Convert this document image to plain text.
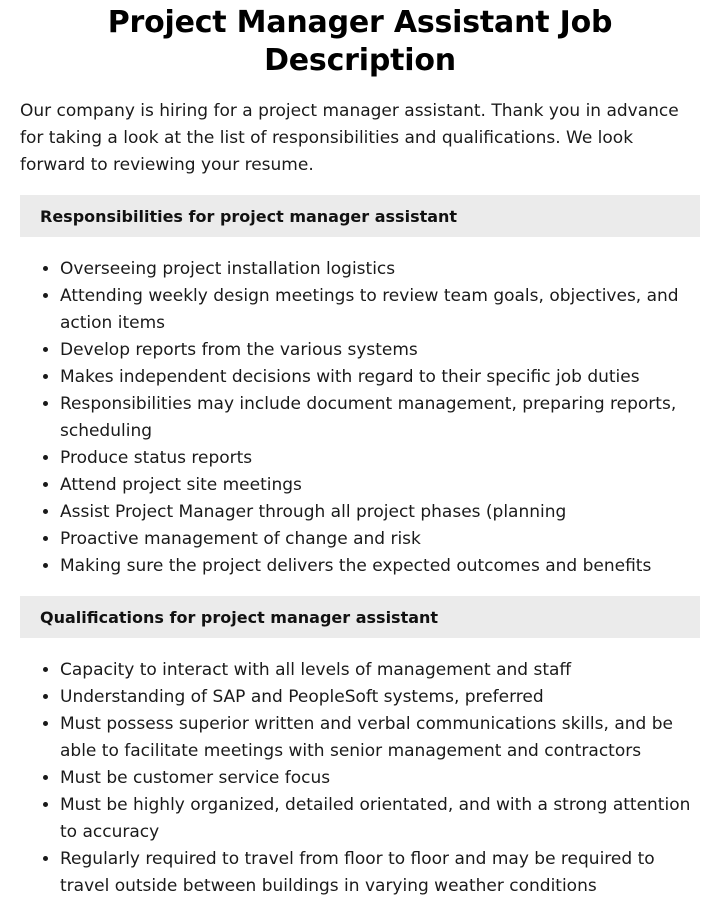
Project Manager Assistant Job Description

Our company is hiring for a project manager assistant. Thank you in advance for taking a look at the list of responsibilities and qualifications. We look forward to reviewing your resume.

Responsibilities for project manager assistant
• Overseeing project installation logistics
• Attending weekly design meetings to review team goals, objectives, and action items
• Develop reports from the various systems
• Makes independent decisions with regard to their specific job duties
• Responsibilities may include document management, preparing reports, scheduling
• Produce status reports
• Attend project site meetings
• Assist Project Manager through all project phases (planning
• Proactive management of change and risk
• Making sure the project delivers the expected outcomes and benefits
Qualifications for project manager assistant
• Capacity to interact with all levels of management and staff
• Understanding of SAP and PeopleSoft systems, preferred
• Must possess superior written and verbal communications skills, and be able to facilitate meetings with senior management and contractors
• Must be customer service focus
• Must be highly organized, detailed orientated, and with a strong attention to accuracy
• Regularly required to travel from floor to floor and may be required to travel outside between buildings in varying weather conditions
